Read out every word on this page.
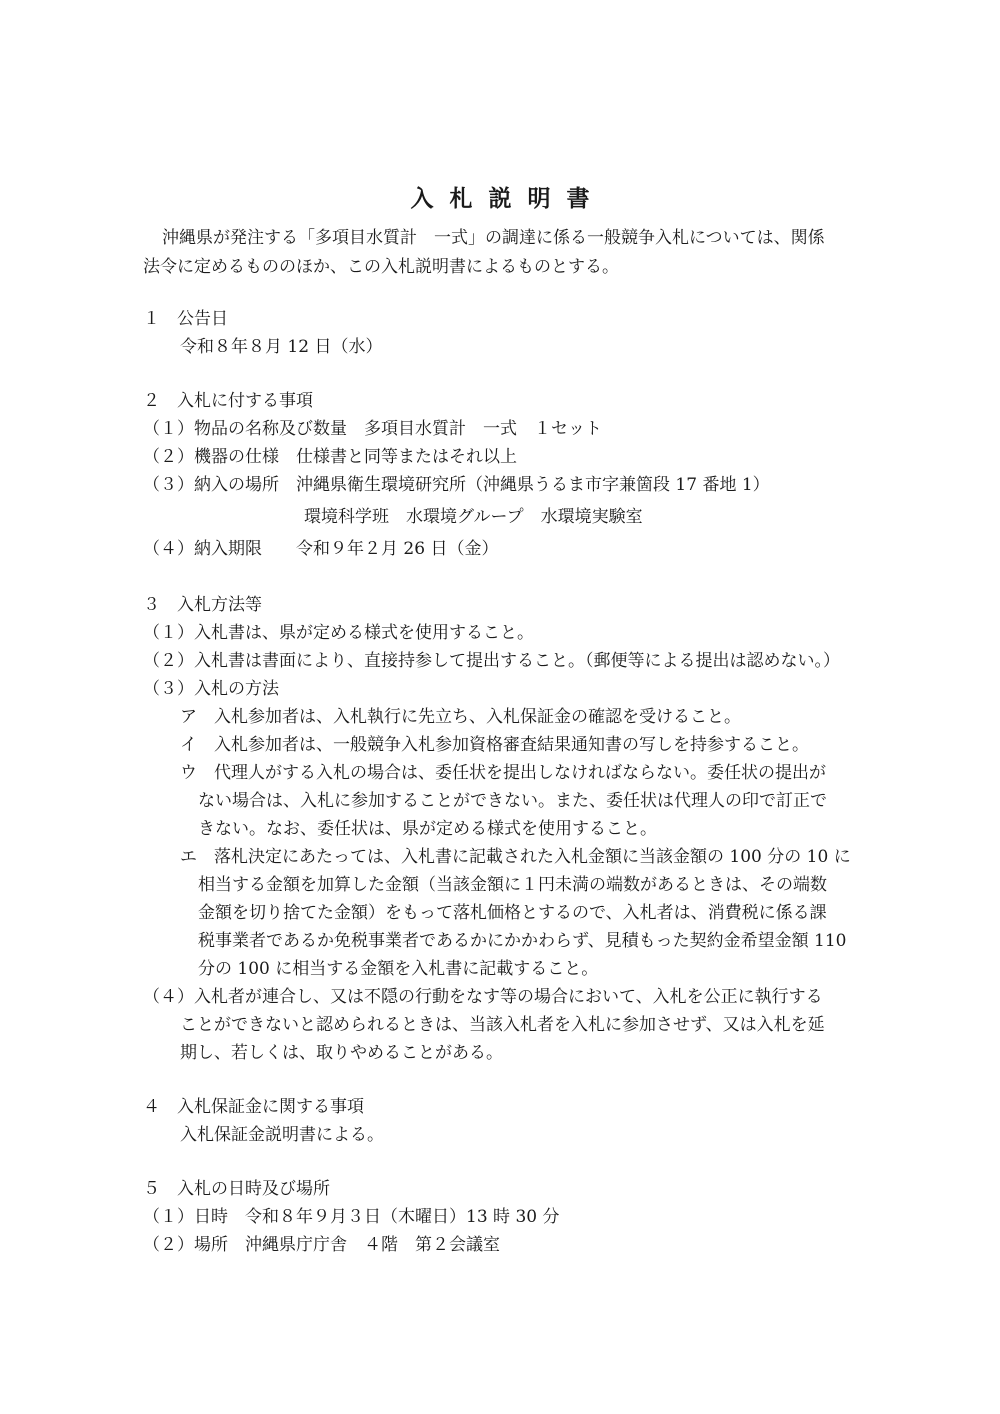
入札説明書
沖縄県が発注する「多項目水質計　一式」の調達に係る一般競争入札については、関係
法令に定めるもののほか、この入札説明書によるものとする。
１　公告日
令和８年８月 12 日（水）
２　入札に付する事項
（１）物品の名称及び数量　多項目水質計　一式　１セット
（２）機器の仕様　仕様書と同等またはそれ以上
（３）納入の場所　沖縄県衛生環境研究所（沖縄県うるま市字兼箇段 17 番地 1）
環境科学班　水環境グループ　水環境実験室
（４）納入期限　　令和９年２月 26 日（金）
３　入札方法等
（１）入札書は、県が定める様式を使用すること。
（２）入札書は書面により、直接持参して提出すること。（郵便等による提出は認めない。）
（３）入札の方法
ア　入札参加者は、入札執行に先立ち、入札保証金の確認を受けること。
イ　入札参加者は、一般競争入札参加資格審査結果通知書の写しを持参すること。
ウ　代理人がする入札の場合は、委任状を提出しなければならない。委任状の提出が
ない場合は、入札に参加することができない。また、委任状は代理人の印で訂正で
きない。なお、委任状は、県が定める様式を使用すること。
エ　落札決定にあたっては、入札書に記載された入札金額に当該金額の 100 分の 10 に
相当する金額を加算した金額（当該金額に１円未満の端数があるときは、その端数
金額を切り捨てた金額）をもって落札価格とするので、入札者は、消費税に係る課
税事業者であるか免税事業者であるかにかかわらず、見積もった契約金希望金額 110
分の 100 に相当する金額を入札書に記載すること。
（４）入札者が連合し、又は不隠の行動をなす等の場合において、入札を公正に執行する
ことができないと認められるときは、当該入札者を入札に参加させず、又は入札を延
期し、若しくは、取りやめることがある。
４　入札保証金に関する事項
入札保証金説明書による。
５　入札の日時及び場所
（１）日時　令和８年９月３日（木曜日）13 時 30 分
（２）場所　沖縄県庁庁舎　４階　第２会議室
